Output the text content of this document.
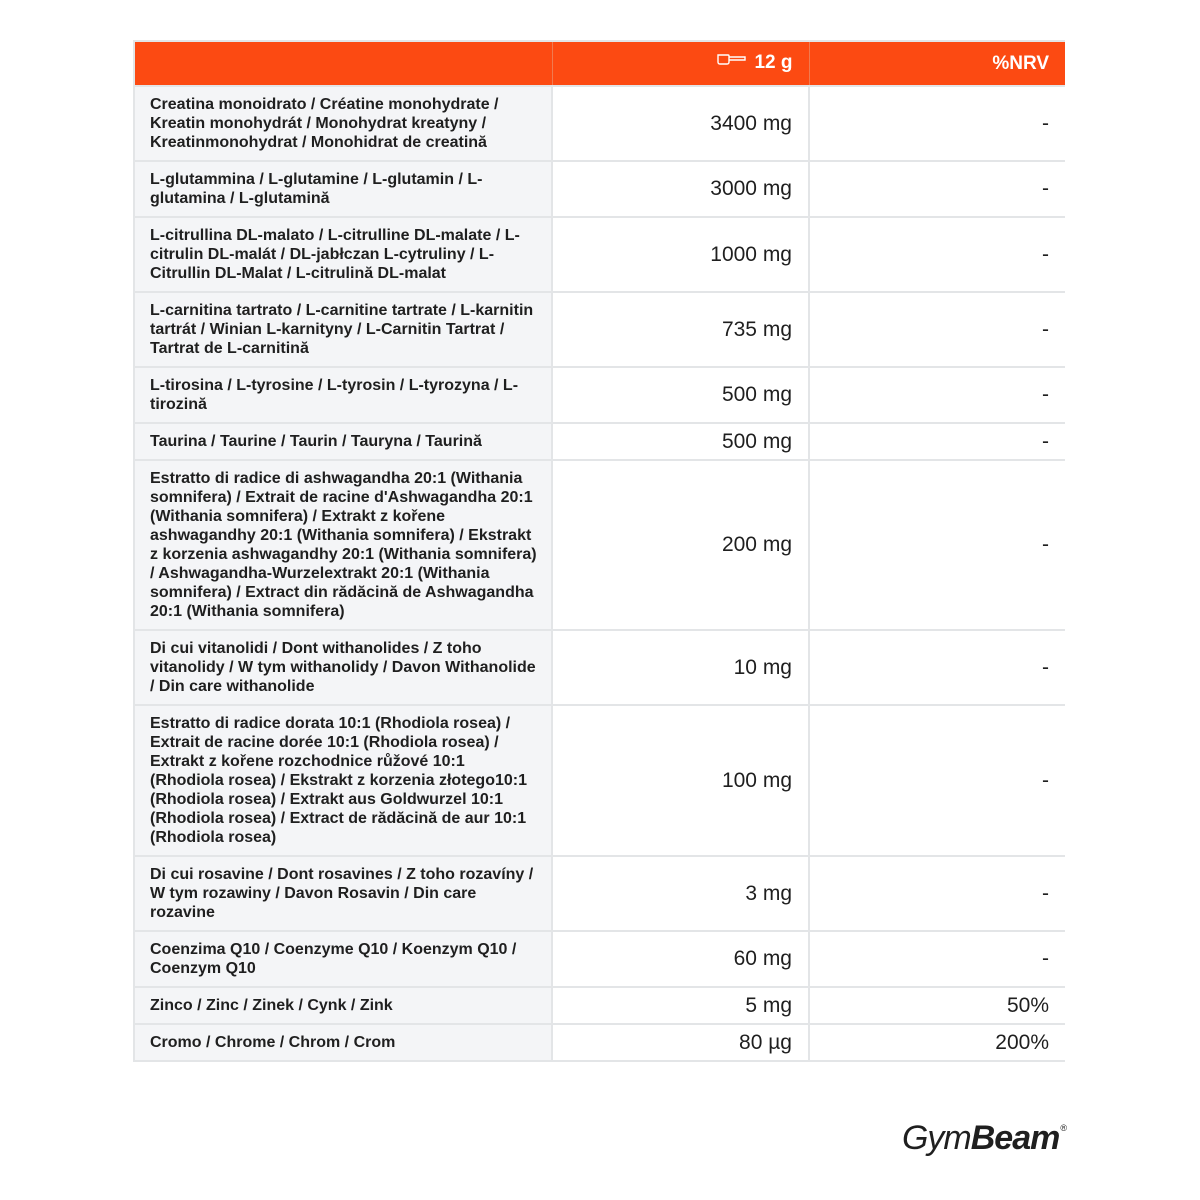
	12 g	%NRV
Creatina monoidrato / Créatine monohydrate / Kreatin monohydrát / Monohydrat kreatyny / Kreatinmonohydrat / Monohidrat de creatină	3400 mg	-
L-glutammina / L-glutamine / L-glutamin / L-glutamina / L-glutamină	3000 mg	-
L-citrullina DL-malato / L-citrulline DL-malate / L-citrulin DL-malát / DL-jabłczan L-cytruliny / L-Citrullin DL-Malat / L-citrulină DL-malat	1000 mg	-
L-carnitina tartrato / L-carnitine tartrate / L-karnitin tartrát / Winian L-karnityny / L-Carnitin Tartrat / Tartrat de L-carnitină	735 mg	-
L-tirosina / L-tyrosine / L-tyrosin / L-tyrozyna / L-tirozină	500 mg	-
Taurina / Taurine / Taurin / Tauryna / Taurină	500 mg	-
Estratto di radice di ashwagandha 20:1 (Withania somnifera) / Extrait de racine d'Ashwagandha 20:1 (Withania somnifera) / Extrakt z kořene ashwagandhy 20:1 (Withania somnifera) / Ekstrakt z korzenia ashwagandhy 20:1 (Withania somnifera) / Ashwagandha-Wurzelextrakt 20:1 (Withania somnifera) / Extract din rădăcină de Ashwagandha 20:1 (Withania somnifera)	200 mg	-
Di cui vitanolidi / Dont withanolides / Z toho vitanolidy / W tym withanolidy / Davon Withanolide / Din care withanolide	10 mg	-
Estratto di radice dorata 10:1 (Rhodiola rosea) / Extrait de racine dorée 10:1 (Rhodiola rosea) / Extrakt z kořene rozchodnice růžové 10:1 (Rhodiola rosea) / Ekstrakt z korzenia złotego10:1 (Rhodiola rosea) / Extrakt aus Goldwurzel 10:1 (Rhodiola rosea) / Extract de rădăcină de aur 10:1 (Rhodiola rosea)	100 mg	-
Di cui rosavine / Dont rosavines / Z toho rozavíny / W tym rozawiny / Davon Rosavin / Din care rozavine	3 mg	-
Coenzima Q10 / Coenzyme Q10 / Koenzym Q10 / Coenzym Q10	60 mg	-
Zinco / Zinc / Zinek / Cynk / Zink	5 mg	50%
Cromo / Chrome / Chrom / Crom	80 µg	200%
GymBeam®
